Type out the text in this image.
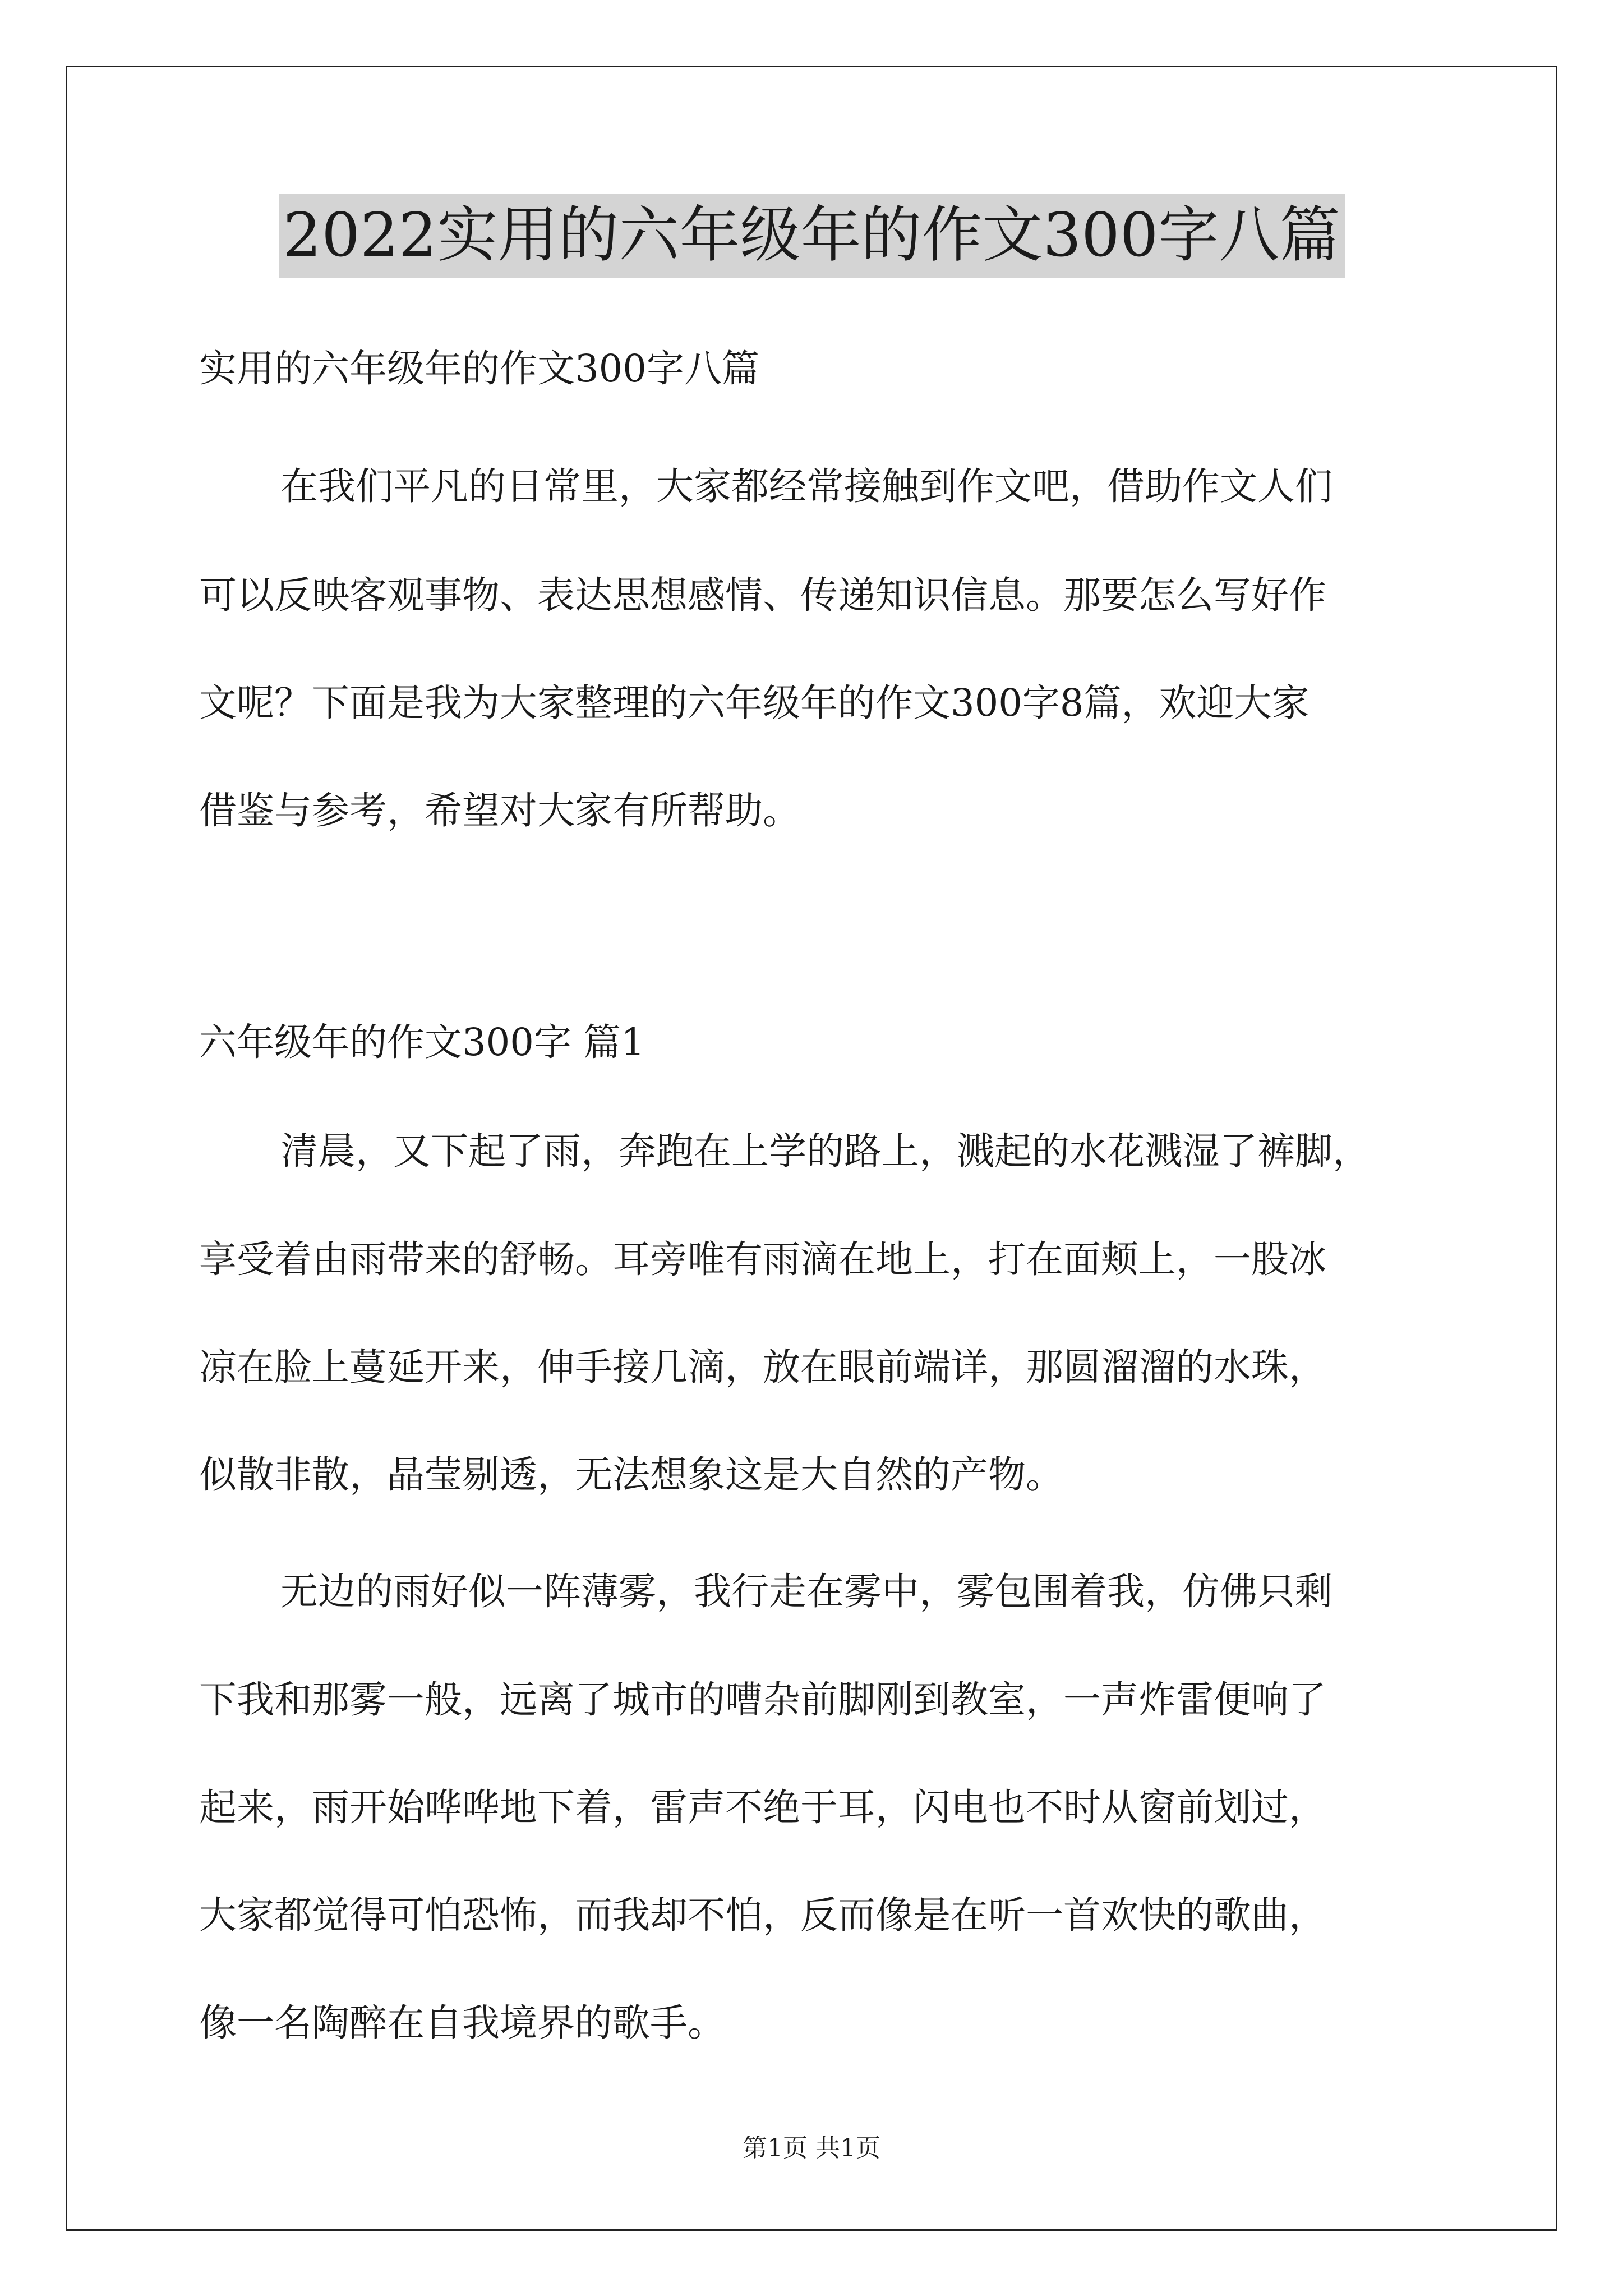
2022实用的六年级年的作文300字八篇
实用的六年级年的作文300字八篇
在我们平凡的日常里，大家都经常接触到作文吧，借助作文人们
可以反映客观事物、表达思想感情、传递知识信息。那要怎么写好作
文呢？下面是我为大家整理的六年级年的作文300字8篇，欢迎大家
借鉴与参考，希望对大家有所帮助。
六年级年的作文300字 篇1
清晨，又下起了雨，奔跑在上学的路上，溅起的水花溅湿了裤脚，
享受着由雨带来的舒畅。耳旁唯有雨滴在地上，打在面颊上，一股冰
凉在脸上蔓延开来，伸手接几滴，放在眼前端详，那圆溜溜的水珠，
似散非散，晶莹剔透，无法想象这是大自然的产物。
无边的雨好似一阵薄雾，我行走在雾中，雾包围着我，仿佛只剩
下我和那雾一般，远离了城市的嘈杂前脚刚到教室，一声炸雷便响了
起来，雨开始哗哗地下着，雷声不绝于耳，闪电也不时从窗前划过，
大家都觉得可怕恐怖，而我却不怕，反而像是在听一首欢快的歌曲，
像一名陶醉在自我境界的歌手。
第1页 共1页
